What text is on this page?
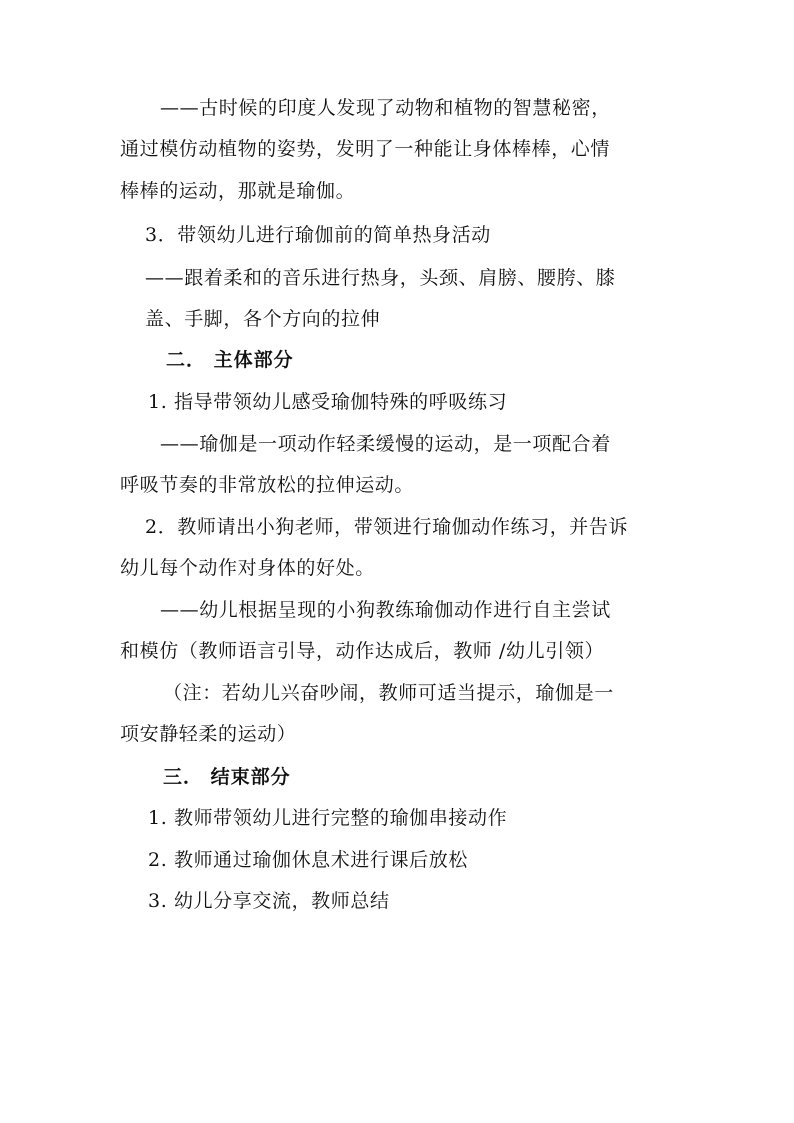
——古时候的印度人发现了动物和植物的智慧秘密，
通过模仿动植物的姿势，发明了一种能让身体棒棒，心情
棒棒的运动，那就是瑜伽。
3．带领幼儿进行瑜伽前的简单热身活动
——跟着柔和的音乐进行热身，头颈、肩膀、腰胯、膝
盖、手脚，各个方向的拉伸
二． 主体部分
1. 指导带领幼儿感受瑜伽特殊的呼吸练习
——瑜伽是一项动作轻柔缓慢的运动，是一项配合着
呼吸节奏的非常放松的拉伸运动。
2．教师请出小狗老师，带领进行瑜伽动作练习，并告诉
幼儿每个动作对身体的好处。
——幼儿根据呈现的小狗教练瑜伽动作进行自主尝试
和模仿（教师语言引导，动作达成后，教师 /幼儿引领）
（注：若幼儿兴奋吵闹，教师可适当提示，瑜伽是一
项安静轻柔的运动）
三． 结束部分
1. 教师带领幼儿进行完整的瑜伽串接动作
2. 教师通过瑜伽休息术进行课后放松
3. 幼儿分享交流，教师总结
